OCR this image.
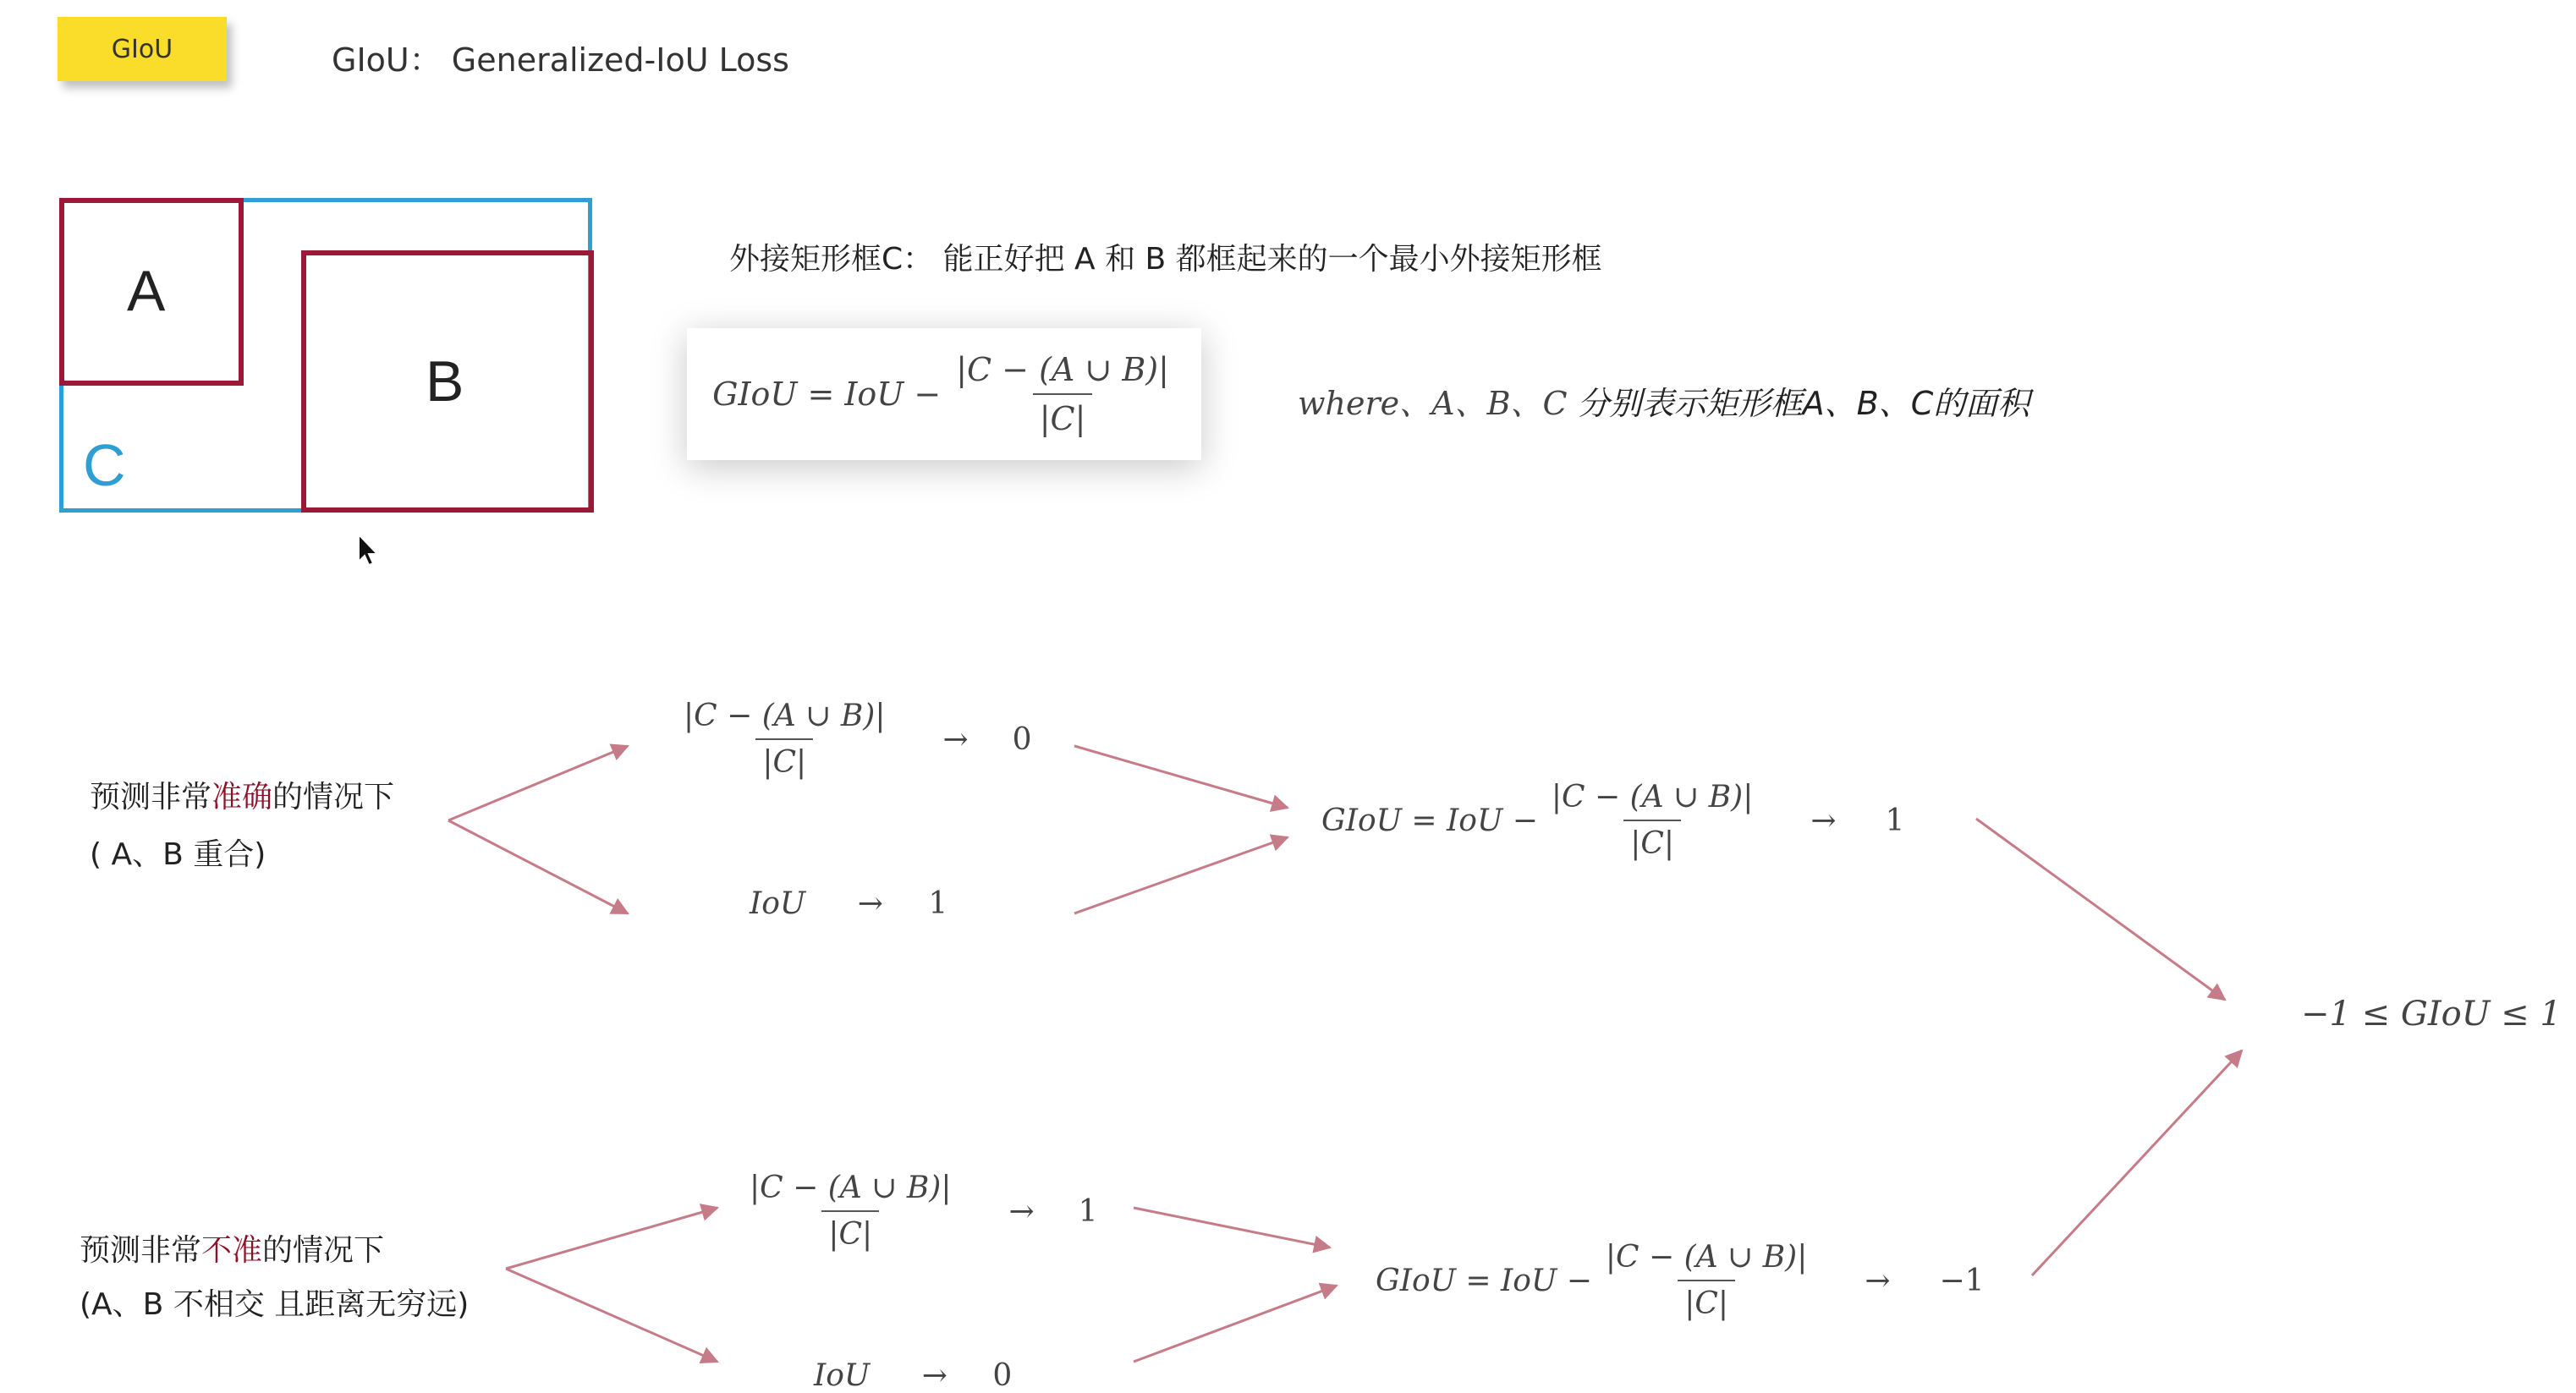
GIoU	GIoU： Generalized-IoU Loss
A
B
C
外接矩形框C： 能正好把 A 和 B 都框起来的一个最小外接矩形框
GIoU = IoU − $\frac{|C - (A \cup B)|}{|C|}$	where、A、B、C 分别表示矩形框A、B、C的面积
预测非常准确的情况下
( A、B 重合)
$\frac{|C - (A \cup B)|}{|C|} \to 0$
IoU → 1
GIoU = IoU − $\frac{|C - (A \cup B)|}{|C|} \to 1$
−1 ≤ GIoU ≤ 1
预测非常不准的情况下
(A、B 不相交 且距离无穷远)
$\frac{|C - (A \cup B)|}{|C|} \to 1$
IoU → 0
GIoU = IoU − $\frac{|C - (A \cup B)|}{|C|} \to -1$
